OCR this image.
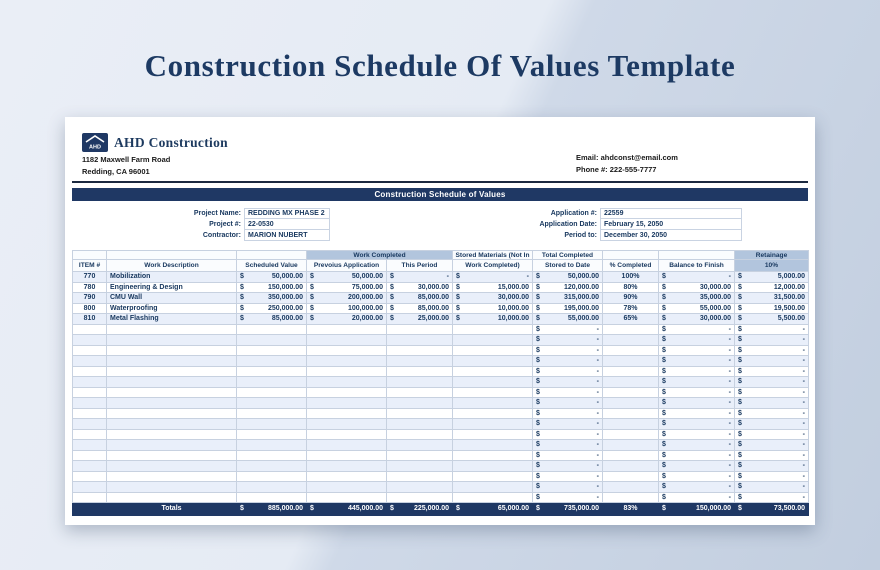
Construction Schedule Of Values Template
AHD AHD Construction
1182 Maxwell Farm Road
Redding, CA 96001
Email: ahdconst@email.com
Phone #: 222-555-7777
Construction Schedule of Values
Project Name:	REDDING MX PHASE 2
Project #:	22-0530
Contractor:	MARION NUBERT
Application #:	22559
Application Date:	February 15, 2050
Period to:	December 30, 2050
			Work Completed		Stored Materials (Not In	Total Completed			Retainage
ITEM #	Work Description	Scheduled Value	Prevoius Application	This Period	Work Completed)	Stored to Date	% Completed	Balance to Finish	10%
770	Mobilization	$ 50,000.00	$ 50,000.00	$ -	$ -	$ 50,000.00	100%	$ -	$ 5,000.00
780	Engineering & Design	$ 150,000.00	$ 75,000.00	$ 30,000.00	$ 15,000.00	$ 120,000.00	80%	$ 30,000.00	$ 12,000.00
790	CMU Wall	$ 350,000.00	$ 200,000.00	$ 85,000.00	$ 30,000.00	$ 315,000.00	90%	$ 35,000.00	$ 31,500.00
800	Waterproofing	$ 250,000.00	$ 100,000.00	$ 85,000.00	$ 10,000.00	$ 195,000.00	78%	$ 55,000.00	$ 19,500.00
810	Metal Flashing	$ 85,000.00	$ 20,000.00	$ 25,000.00	$ 10,000.00	$ 55,000.00	65%	$ 30,000.00	$ 5,500.00

						$ -		$ -	$ -

						$ -		$ -	$ -

						$ -		$ -	$ -

						$ -		$ -	$ -

						$ -		$ -	$ -

						$ -		$ -	$ -

						$ -		$ -	$ -

						$ -		$ -	$ -

						$ -		$ -	$ -

						$ -		$ -	$ -

						$ -		$ -	$ -

						$ -		$ -	$ -

						$ -		$ -	$ -

						$ -		$ -	$ -

						$ -		$ -	$ -

						$ -		$ -	$ -

						$ -		$ -	$ -
	Totals	$ 885,000.00	$ 445,000.00	$ 225,000.00	$ 65,000.00	$ 735,000.00	83%	$ 150,000.00	$ 73,500.00
